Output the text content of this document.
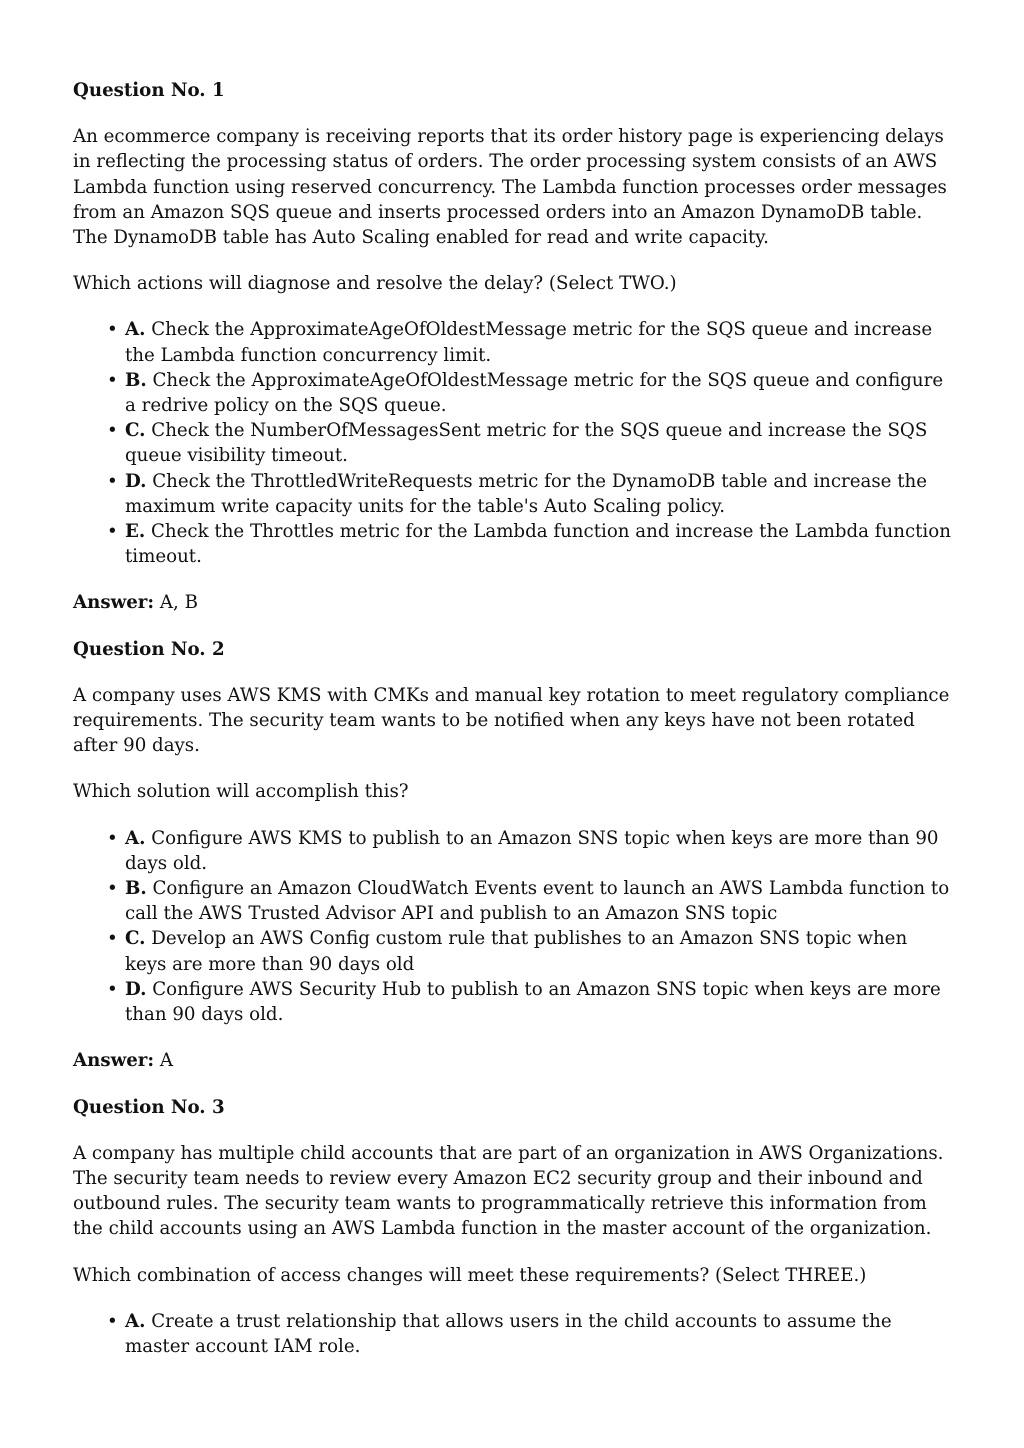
Question No. 1

An ecommerce company is receiving reports that its order history page is experiencing delays in reflecting the processing status of orders. The order processing system consists of an AWS Lambda function using reserved concurrency. The Lambda function processes order messages from an Amazon SQS queue and inserts processed orders into an Amazon DynamoDB table. The DynamoDB table has Auto Scaling enabled for read and write capacity.

Which actions will diagnose and resolve the delay? (Select TWO.)

• A. Check the ApproximateAgeOfOldestMessage metric for the SQS queue and increase the Lambda function concurrency limit.
• B. Check the ApproximateAgeOfOldestMessage metric for the SQS queue and configure a redrive policy on the SQS queue.
• C. Check the NumberOfMessagesSent metric for the SQS queue and increase the SQS queue visibility timeout.
• D. Check the ThrottledWriteRequests metric for the DynamoDB table and increase the maximum write capacity units for the table's Auto Scaling policy.
• E. Check the Throttles metric for the Lambda function and increase the Lambda function timeout.

Answer: A, B

Question No. 2

A company uses AWS KMS with CMKs and manual key rotation to meet regulatory compliance requirements. The security team wants to be notified when any keys have not been rotated after 90 days.

Which solution will accomplish this?

• A. Configure AWS KMS to publish to an Amazon SNS topic when keys are more than 90 days old.
• B. Configure an Amazon CloudWatch Events event to launch an AWS Lambda function to call the AWS Trusted Advisor API and publish to an Amazon SNS topic
• C. Develop an AWS Config custom rule that publishes to an Amazon SNS topic when keys are more than 90 days old
• D. Configure AWS Security Hub to publish to an Amazon SNS topic when keys are more than 90 days old.

Answer: A

Question No. 3

A company has multiple child accounts that are part of an organization in AWS Organizations. The security team needs to review every Amazon EC2 security group and their inbound and outbound rules. The security team wants to programmatically retrieve this information from the child accounts using an AWS Lambda function in the master account of the organization.

Which combination of access changes will meet these requirements? (Select THREE.)

• A. Create a trust relationship that allows users in the child accounts to assume the master account IAM role.
